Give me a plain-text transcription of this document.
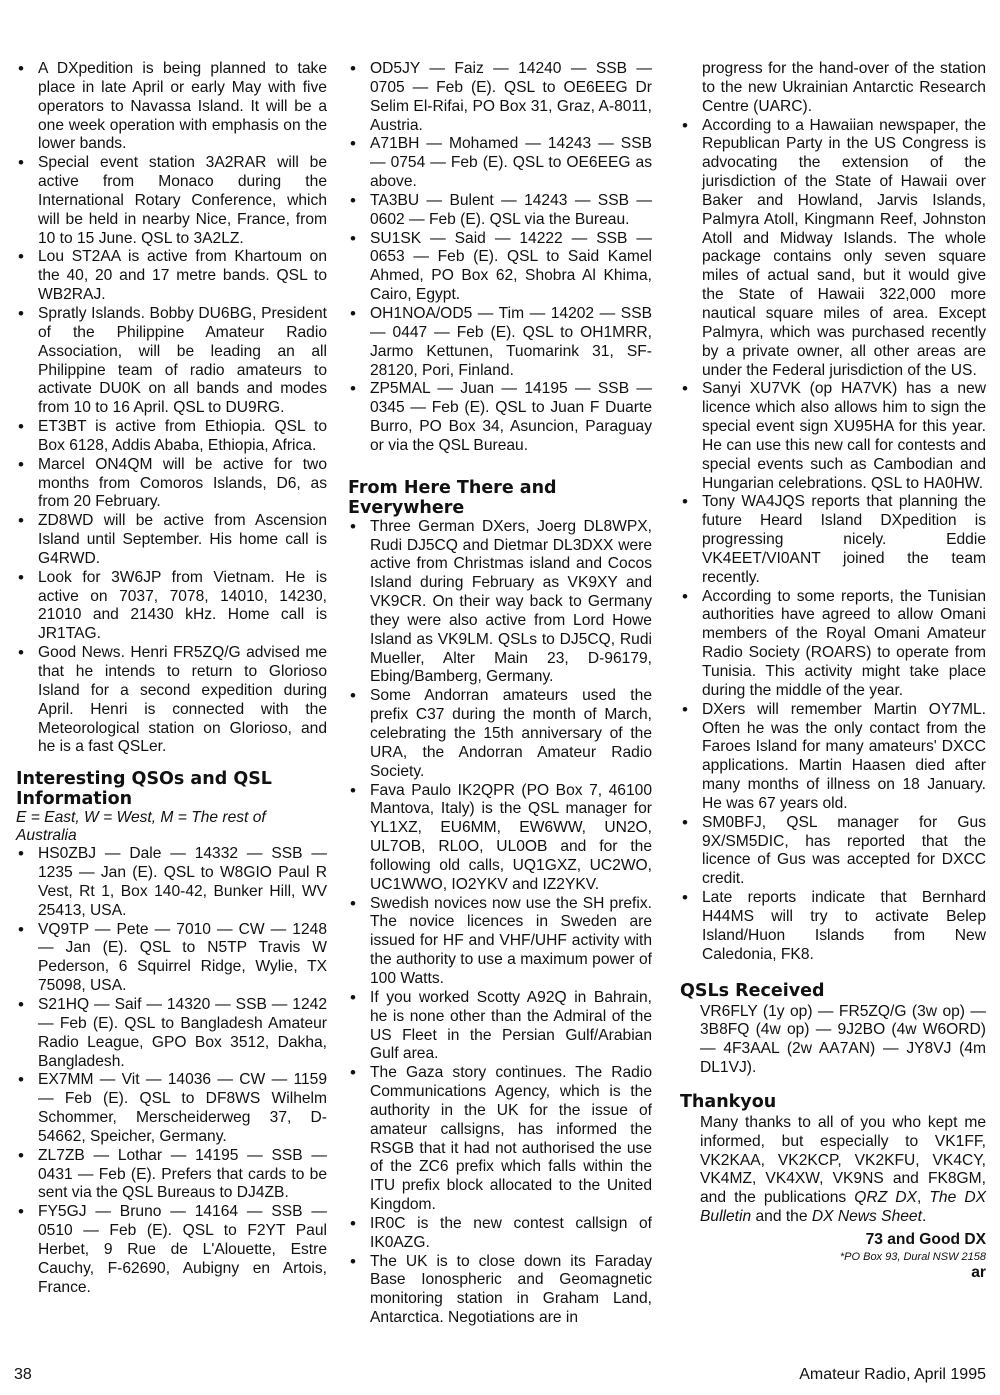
• A DXpedition is being planned to take place in late April or early May with five operators to Navassa Island. It will be a one week operation with emphasis on the lower bands.
• Special event station 3A2RAR will be active from Monaco during the International Rotary Conference, which will be held in nearby Nice, France, from 10 to 15 June. QSL to 3A2LZ.
• Lou ST2AA is active from Khartoum on the 40, 20 and 17 metre bands. QSL to WB2RAJ.
• Spratly Islands. Bobby DU6BG, President of the Philippine Amateur Radio Association, will be leading an all Philippine team of radio amateurs to activate DU0K on all bands and modes from 10 to 16 April. QSL to DU9RG.
• ET3BT is active from Ethiopia. QSL to Box 6128, Addis Ababa, Ethiopia, Africa.
• Marcel ON4QM will be active for two months from Comoros Islands, D6, as from 20 February.
• ZD8WD will be active from Ascension Island until September. His home call is G4RWD.
• Look for 3W6JP from Vietnam. He is active on 7037, 7078, 14010, 14230, 21010 and 21430 kHz. Home call is JR1TAG.
• Good News. Henri FR5ZQ/G advised me that he intends to return to Glorioso Island for a second expedition during April. Henri is connected with the Meteorological station on Glorioso, and he is a fast QSLer.
Interesting QSOs and QSL Information

E = East, W = West, M = The rest of Australia

• HS0ZBJ — Dale — 14332 — SSB — 1235 — Jan (E). QSL to W8GIO Paul R Vest, Rt 1, Box 140-42, Bunker Hill, WV 25413, USA.
• VQ9TP — Pete — 7010 — CW — 1248 — Jan (E). QSL to N5TP Travis W Pederson, 6 Squirrel Ridge, Wylie, TX 75098, USA.
• S21HQ — Saif — 14320 — SSB — 1242 — Feb (E). QSL to Bangladesh Amateur Radio League, GPO Box 3512, Dakha, Bangladesh.
• EX7MM — Vit — 14036 — CW — 1159 — Feb (E). QSL to DF8WS Wilhelm Schommer, Merscheiderweg 37, D-54662, Speicher, Germany.
• ZL7ZB — Lothar — 14195 — SSB — 0431 — Feb (E). Prefers that cards to be sent via the QSL Bureaus to DJ4ZB.
• FY5GJ — Bruno — 14164 — SSB — 0510 — Feb (E). QSL to F2YT Paul Herbet, 9 Rue de L'Alouette, Estre Cauchy, F-62690, Aubigny en Artois, France.
• OD5JY — Faiz — 14240 — SSB — 0705 — Feb (E). QSL to OE6EEG Dr Selim El-Rifai, PO Box 31, Graz, A-8011, Austria.
• A71BH — Mohamed — 14243 — SSB — 0754 — Feb (E). QSL to OE6EEG as above.
• TA3BU — Bulent — 14243 — SSB — 0602 — Feb (E). QSL via the Bureau.
• SU1SK — Said — 14222 — SSB — 0653 — Feb (E). QSL to Said Kamel Ahmed, PO Box 62, Shobra Al Khima, Cairo, Egypt.
• OH1NOA/OD5 — Tim — 14202 — SSB — 0447 — Feb (E). QSL to OH1MRR, Jarmo Kettunen, Tuomarink 31, SF-28120, Pori, Finland.
• ZP5MAL — Juan — 14195 — SSB — 0345 — Feb (E). QSL to Juan F Duarte Burro, PO Box 34, Asuncion, Paraguay or via the QSL Bureau.
From Here There and Everywhere
• Three German DXers, Joerg DL8WPX, Rudi DJ5CQ and Dietmar DL3DXX were active from Christmas island and Cocos Island during February as VK9XY and VK9CR. On their way back to Germany they were also active from Lord Howe Island as VK9LM. QSLs to DJ5CQ, Rudi Mueller, Alter Main 23, D-96179, Ebing/Bamberg, Germany.
• Some Andorran amateurs used the prefix C37 during the month of March, celebrating the 15th anniversary of the URA, the Andorran Amateur Radio Society.
• Fava Paulo IK2QPR (PO Box 7, 46100 Mantova, Italy) is the QSL manager for YL1XZ, EU6MM, EW6WW, UN2O, UL7OB, RL0O, UL0OB and for the following old calls, UQ1GXZ, UC2WO, UC1WWO, IO2YKV and IZ2YKV.
• Swedish novices now use the SH prefix. The novice licences in Sweden are issued for HF and VHF/UHF activity with the authority to use a maximum power of 100 Watts.
• If you worked Scotty A92Q in Bahrain, he is none other than the Admiral of the US Fleet in the Persian Gulf/Arabian Gulf area.
• The Gaza story continues. The Radio Communications Agency, which is the authority in the UK for the issue of amateur callsigns, has informed the RSGB that it had not authorised the use of the ZC6 prefix which falls within the ITU prefix block allocated to the United Kingdom.
• IR0C is the new contest callsign of IK0AZG.
• The UK is to close down its Faraday Base Ionospheric and Geomagnetic monitoring station in Graham Land, Antarctica. Negotiations are in

progress for the hand-over of the station to the new Ukrainian Antarctic Research Centre (UARC).

• According to a Hawaiian newspaper, the Republican Party in the US Congress is advocating the extension of the jurisdiction of the State of Hawaii over Baker and Howland, Jarvis Islands, Palmyra Atoll, Kingmann Reef, Johnston Atoll and Midway Islands. The whole package contains only seven square miles of actual sand, but it would give the State of Hawaii 322,000 more nautical square miles of area. Except Palmyra, which was purchased recently by a private owner, all other areas are under the Federal jurisdiction of the US.
• Sanyi XU7VK (op HA7VK) has a new licence which also allows him to sign the special event sign XU95HA for this year. He can use this new call for contests and special events such as Cambodian and Hungarian celebrations. QSL to HA0HW.
• Tony WA4JQS reports that planning the future Heard Island DXpedition is progressing nicely. Eddie VK4EET/VI0ANT joined the team recently.
• According to some reports, the Tunisian authorities have agreed to allow Omani members of the Royal Omani Amateur Radio Society (ROARS) to operate from Tunisia. This activity might take place during the middle of the year.
• DXers will remember Martin OY7ML. Often he was the only contact from the Faroes Island for many amateurs' DXCC applications. Martin Haasen died after many months of illness on 18 January. He was 67 years old.
• SM0BFJ, QSL manager for Gus 9X/SM5DIC, has reported that the licence of Gus was accepted for DXCC credit.
• Late reports indicate that Bernhard H44MS will try to activate Belep Island/Huon Islands from New Caledonia, FK8.
QSLs Received

VR6FLY (1y op) — FR5ZQ/G (3w op) — 3B8FQ (4w op) — 9J2BO (4w W6ORD) — 4F3AAL (2w AA7AN) — JY8VJ (4m DL1VJ).

Thankyou

Many thanks to all of you who kept me informed, but especially to VK1FF, VK2KAA, VK2KCP, VK2KFU, VK4CY, VK4MZ, VK4XW, VK9NS and FK8GM, and the publications QRZ DX, The DX Bulletin and the DX News Sheet.

73 and Good DX

*PO Box 93, Dural NSW 2158

ar

38	Amateur Radio, April 1995
